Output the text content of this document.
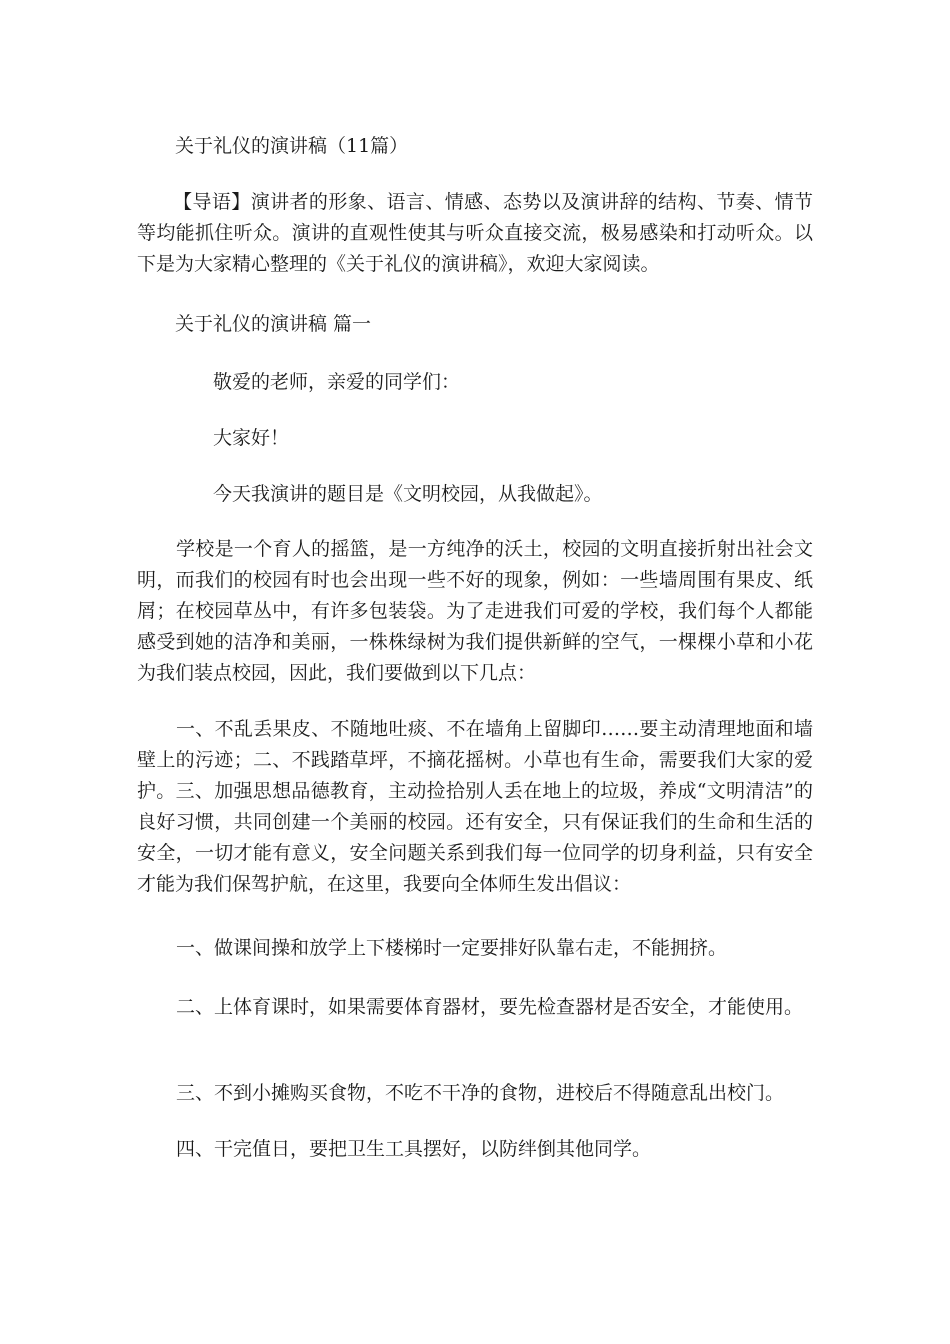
关于礼仪的演讲稿（11篇）

【导语】演讲者的形象、语言、情感、态势以及演讲辞的结构、节奏、情节等均能抓住听众。演讲的直观性使其与听众直接交流，极易感染和打动听众。以下是为大家精心整理的《关于礼仪的演讲稿》，欢迎大家阅读。

关于礼仪的演讲稿 篇一

敬爱的老师，亲爱的同学们：

大家好！

今天我演讲的题目是《文明校园，从我做起》。

学校是一个育人的摇篮，是一方纯净的沃土，校园的文明直接折射出社会文明，而我们的校园有时也会出现一些不好的现象，例如：一些墙周围有果皮、纸屑；在校园草丛中，有许多包装袋。为了走进我们可爱的学校，我们每个人都能感受到她的洁净和美丽，一株株绿树为我们提供新鲜的空气，一棵棵小草和小花为我们装点校园，因此，我们要做到以下几点：

一、不乱丢果皮、不随地吐痰、不在墙角上留脚印……要主动清理地面和墙壁上的污迹；二、不践踏草坪，不摘花摇树。小草也有生命，需要我们大家的爱护。三、加强思想品德教育，主动捡拾别人丢在地上的垃圾，养成“文明清洁”的良好习惯，共同创建一个美丽的校园。还有安全，只有保证我们的生命和生活的安全，一切才能有意义，安全问题关系到我们每一位同学的切身利益，只有安全才能为我们保驾护航，在这里，我要向全体师生发出倡议：

一、做课间操和放学上下楼梯时一定要排好队靠右走，不能拥挤。

二、上体育课时，如果需要体育器材，要先检查器材是否安全，才能使用。

三、不到小摊购买食物，不吃不干净的食物，进校后不得随意乱出校门。

四、干完值日，要把卫生工具摆好，以防绊倒其他同学。
